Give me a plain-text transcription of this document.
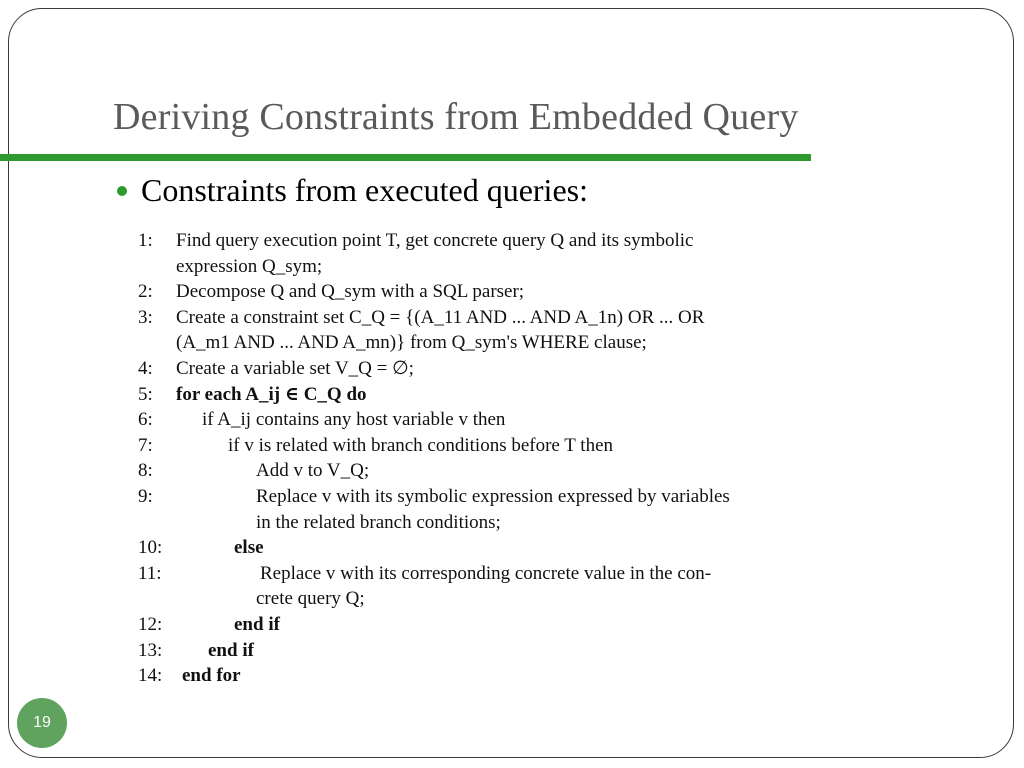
Deriving Constraints from Embedded Query
Constraints from executed queries:
1:	Find query execution point T, get concrete query Q and its symbolic
expression Q_sym;
2:	Decompose Q and Q_sym with a SQL parser;
3:	Create a constraint set C_Q = {(A_11 AND ... AND A_1n) OR ... OR
(A_m1 AND ... AND A_mn)} from Q_sym's WHERE clause;
4:	Create a variable set V_Q = ∅;
5:	for each A_ij ∈ C_Q do
6:	if A_ij contains any host variable v then
7:	if v is related with branch conditions before T then
8:	Add v to V_Q;
9:	Replace v with its symbolic expression expressed by variables
in the related branch conditions;
10:	else
11:	Replace v with its corresponding concrete value in the con-
crete query Q;
12:	end if
13:	end if
14:	end for
19
